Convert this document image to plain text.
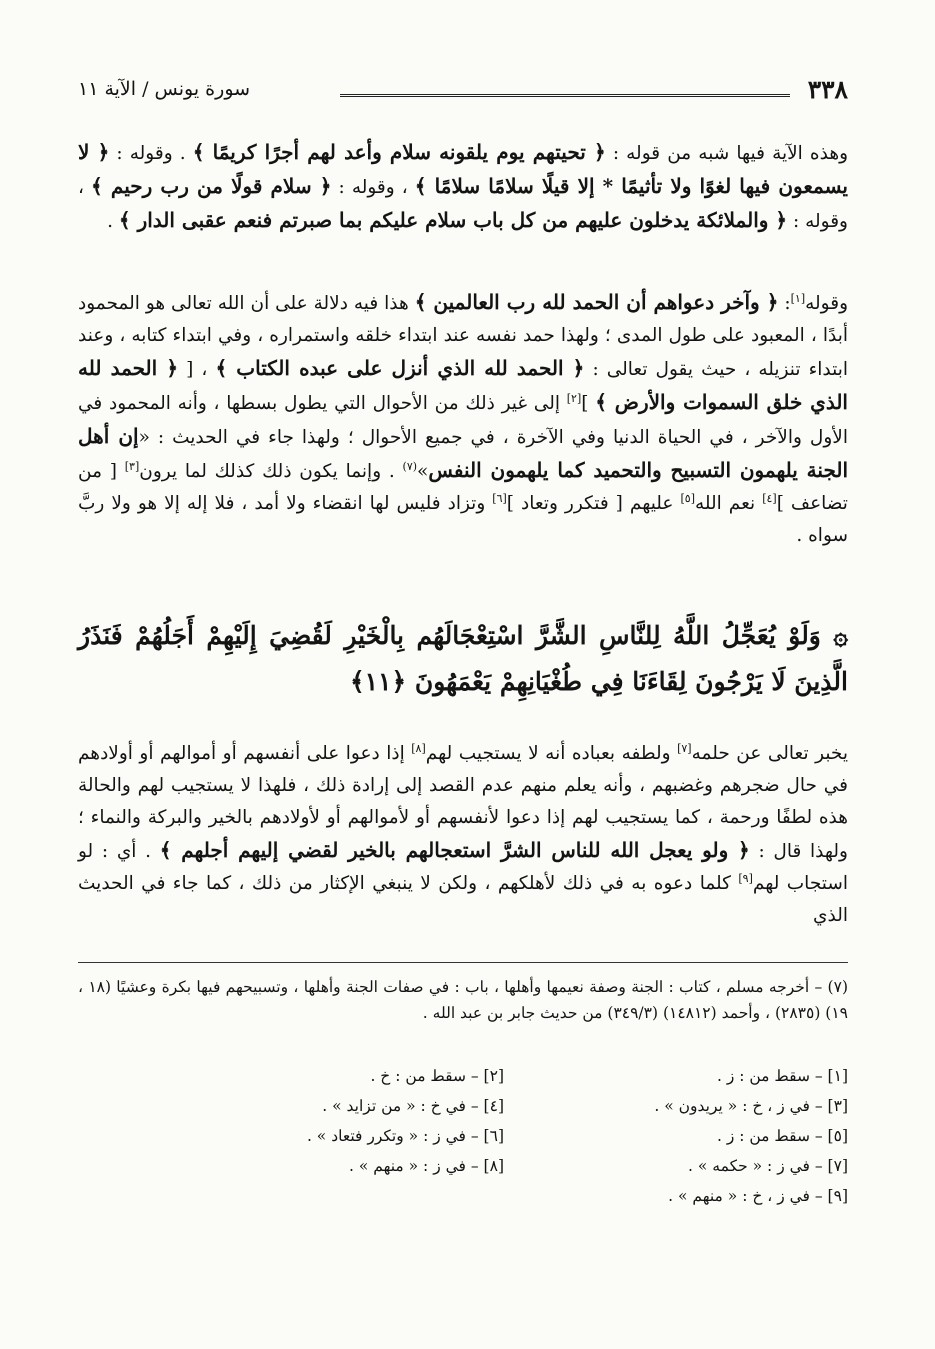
٣٣٨
سورة يونس / الآية ١١

وهذه الآية فيها شبه من قوله : ﴿ تحيتهم يوم يلقونه سلام وأعد لهم أجرًا كريمًا ﴾ . وقوله : ﴿ لا يسمعون فيها لغوًا ولا تأثيمًا * إلا قيلًا سلامًا سلامًا ﴾ ، وقوله : ﴿ سلام قولًا من رب رحيم ﴾ ، وقوله : ﴿ والملائكة يدخلون عليهم من كل باب سلام عليكم بما صبرتم فنعم عقبى الدار ﴾ .

وقوله[١]: ﴿ وآخر دعواهم أن الحمد لله رب العالمين ﴾ هذا فيه دلالة على أن الله تعالى هو المحمود أبدًا ، المعبود على طول المدى ؛ ولهذا حمد نفسه عند ابتداء خلقه واستمراره ، وفي ابتداء كتابه ، وعند ابتداء تنزيله ، حيث يقول تعالى : ﴿ الحمد لله الذي أنزل على عبده الكتاب ﴾ ، [ ﴿ الحمد لله الذي خلق السموات والأرض ﴾ ][٢] إلى غير ذلك من الأحوال التي يطول بسطها ، وأنه المحمود في الأول والآخر ، في الحياة الدنيا وفي الآخرة ، في جميع الأحوال ؛ ولهذا جاء في الحديث : «إن أهل الجنة يلهمون التسبيح والتحميد كما يلهمون النفس»$^{(٧)}$ . وإنما يكون ذلك كذلك لما يرون[٣] [ من تضاعف ][٤] نعم الله[٥] عليهم [ فتكرر وتعاد ][٦] وتزاد فليس لها انقضاء ولا أمد ، فلا إله إلا هو ولا ربَّ سواه .

۞ وَلَوْ يُعَجِّلُ اللَّهُ لِلنَّاسِ الشَّرَّ اسْتِعْجَالَهُم بِالْخَيْرِ لَقُضِيَ إِلَيْهِمْ أَجَلُهُمْ فَنَذَرُ الَّذِينَ لَا يَرْجُونَ لِقَاءَنَا فِي طُغْيَانِهِمْ يَعْمَهُونَ ﴿١١﴾

يخبر تعالى عن حلمه[٧] ولطفه بعباده أنه لا يستجيب لهم[٨] إذا دعوا على أنفسهم أو أموالهم أو أولادهم في حال ضجرهم وغضبهم ، وأنه يعلم منهم عدم القصد إلى إرادة ذلك ، فلهذا لا يستجيب لهم والحالة هذه لطفًا ورحمة ، كما يستجيب لهم إذا دعوا لأنفسهم أو لأموالهم أو لأولادهم بالخير والبركة والنماء ؛ ولهذا قال : ﴿ ولو يعجل الله للناس الشرَّ استعجالهم بالخير لقضي إليهم أجلهم ﴾ . أي : لو استجاب لهم[٩] كلما دعوه به في ذلك لأهلكهم ، ولكن لا ينبغي الإكثار من ذلك ، كما جاء في الحديث الذي

(٧) – أخرجه مسلم ، كتاب : الجنة وصفة نعيمها وأهلها ، باب : في صفات الجنة وأهلها ، وتسبيحهم فيها بكرة وعشيًا (١٨ ، ١٩) (٢٨٣٥) ، وأحمد (١٤٨١٢) (٣٤٩/٣) من حديث جابر بن عبد الله .
[١] – سقط من : ز .
[٢] – سقط من : خ .
[٣] – في ز ، خ : « يريدون » .
[٤] – في خ : « من تزايد » .
[٥] – سقط من : ز .
[٦] – في ز : « وتكرر فتعاد » .
[٧] – في ز : « حكمه » .
[٨] – في ز : « منهم » .
[٩] – في ز ، خ : « منهم » .
